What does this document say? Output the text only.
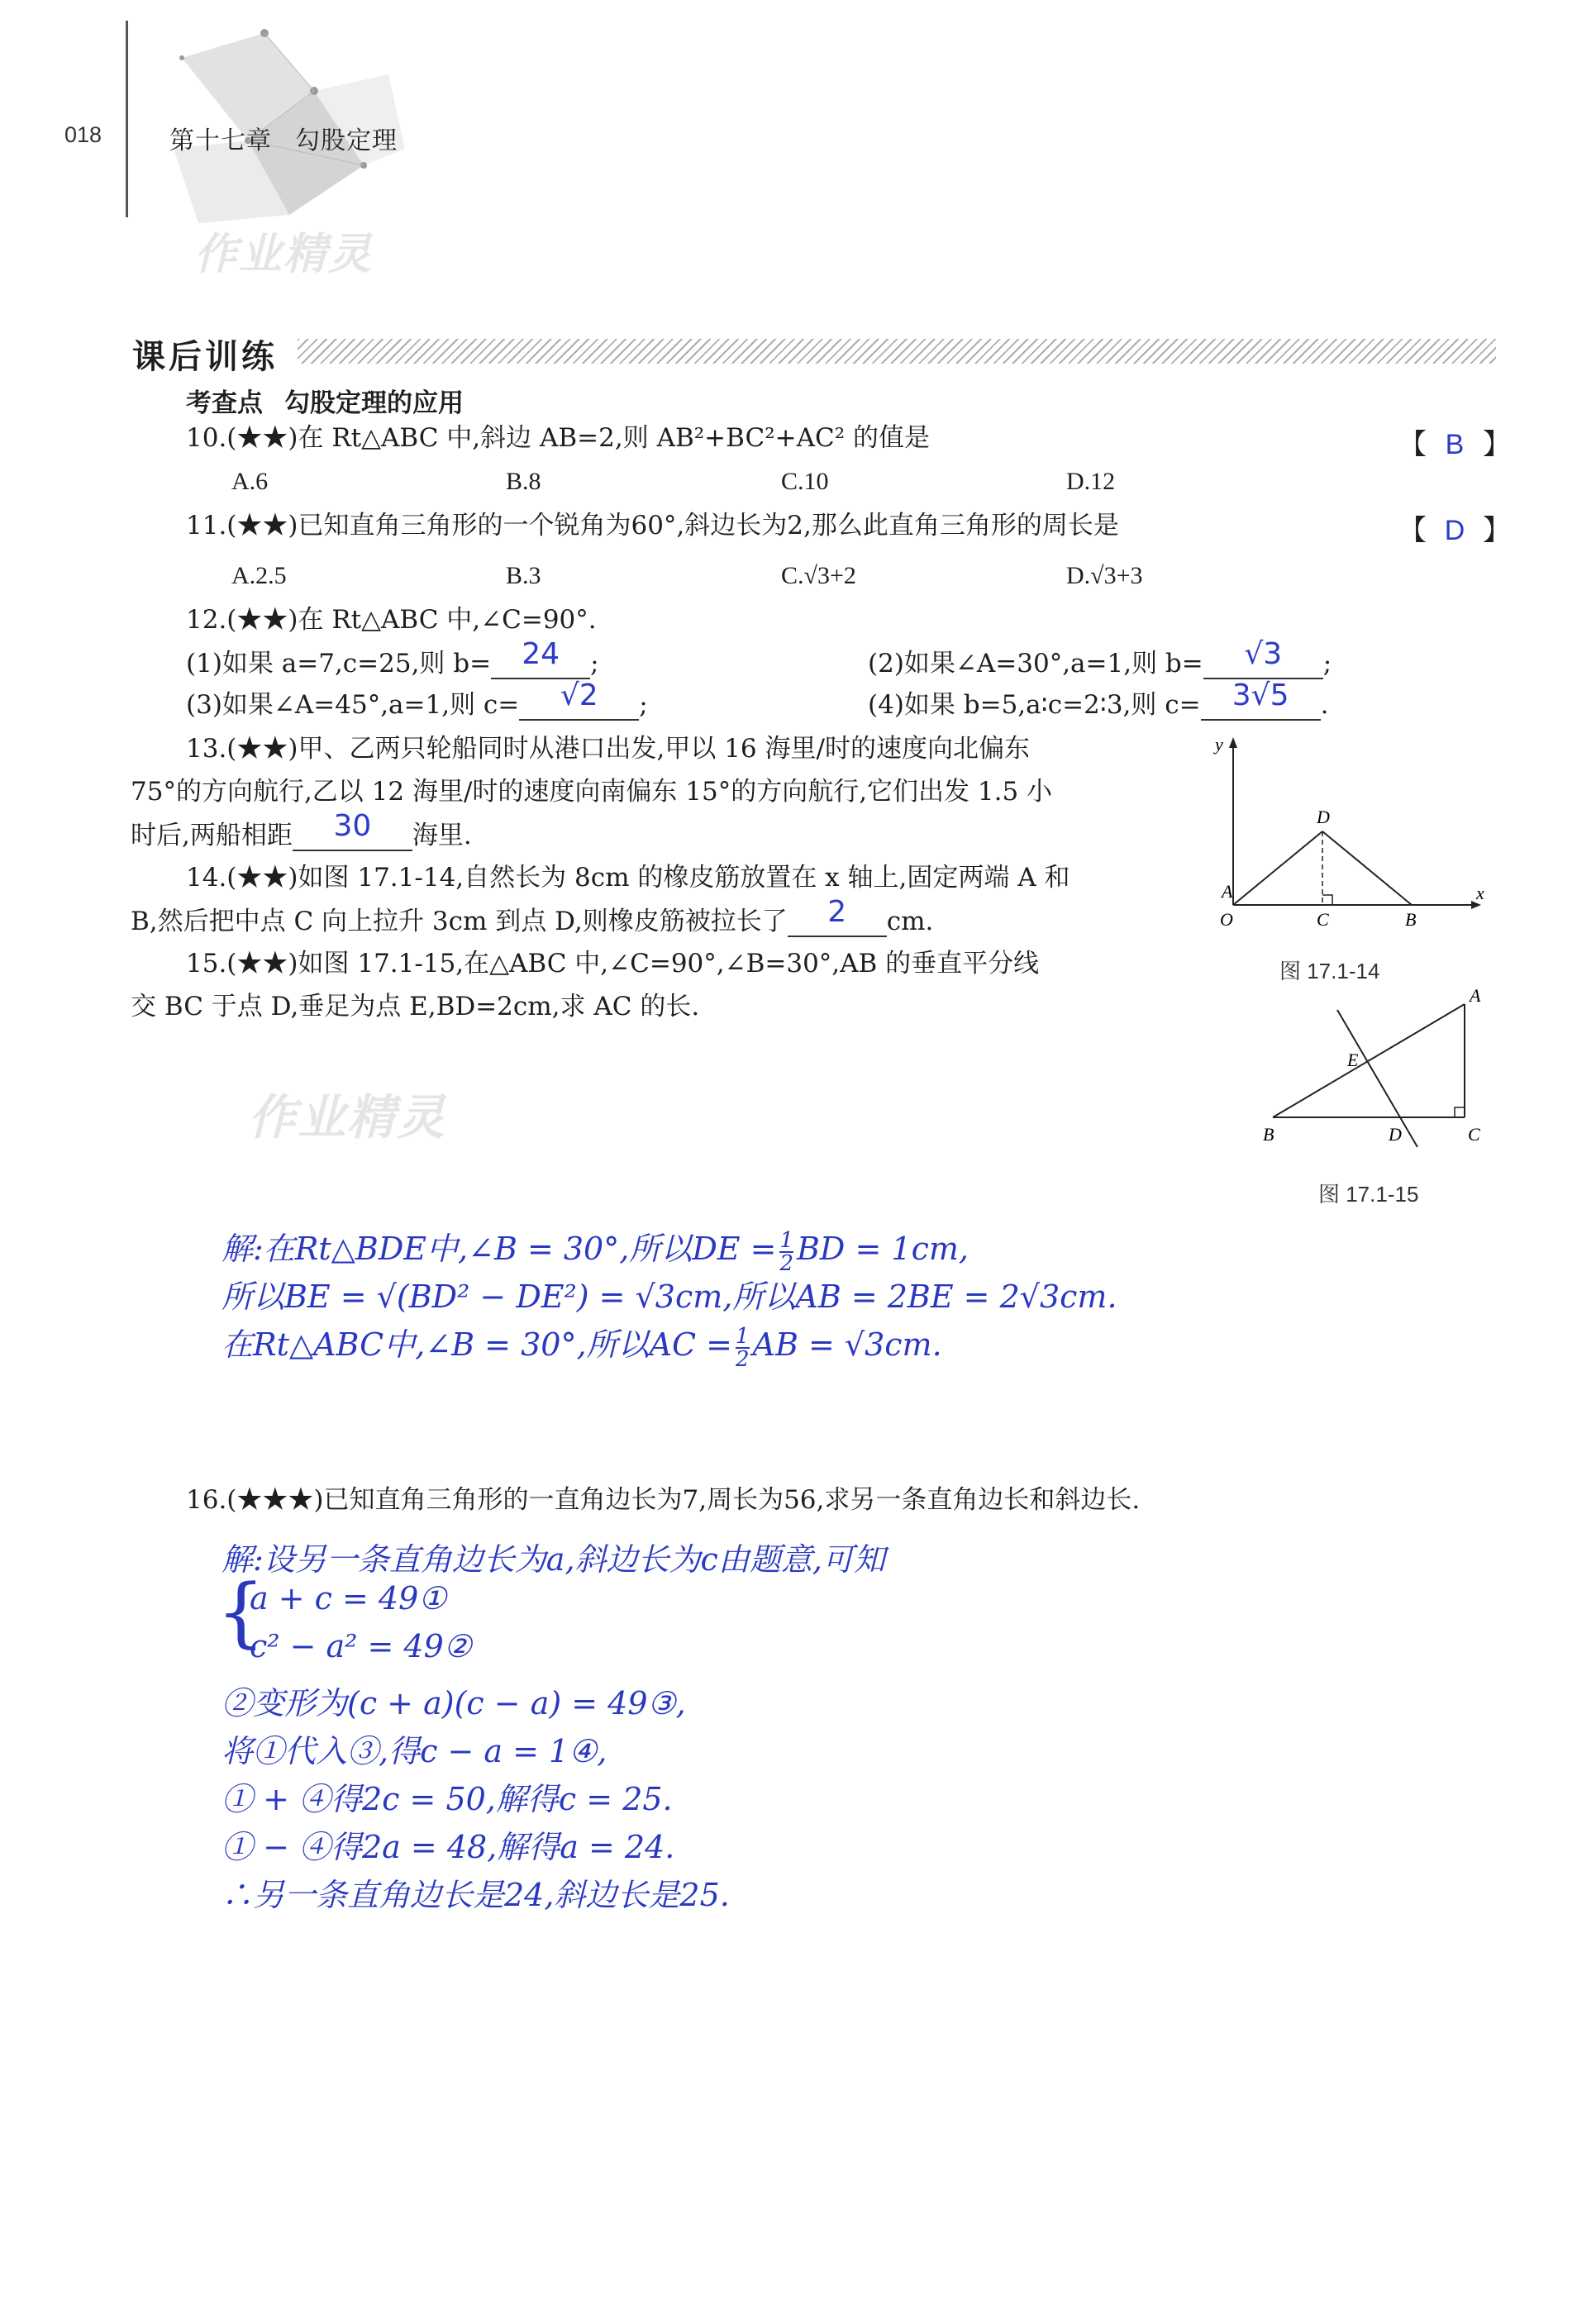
018	第十七章 勾股定理
作业精灵
课后训练
考查点 勾股定理的应用
10.(★★)在 Rt△ABC 中,斜边 AB=2,则 AB²+BC²+AC² 的值是	【 B 】
A.6	B.8	C.10	D.12
11.(★★)已知直角三角形的一个锐角为60°,斜边长为2,那么此直角三角形的周长是	【 D 】
A.2.5	B.3	C.√3+2	D.√3+3
12.(★★)在 Rt△ABC 中,∠C=90°.
(1)如果 a=7,c=25,则 b= 24 ;	(2)如果∠A=30°,a=1,则 b= √3 ;
(3)如果∠A=45°,a=1,则 c= √2 ;	(4)如果 b=5,a∶c=2∶3,则 c= 3√5 .
13.(★★)甲、乙两只轮船同时从港口出发,甲以 16 海里/时的速度向北偏东
75°的方向航行,乙以 12 海里/时的速度向南偏东 15°的方向航行,它们出发 1.5 小
时后,两船相距 30 海里.
14.(★★)如图 17.1-14,自然长为 8cm 的橡皮筋放置在 x 轴上,固定两端 A 和
B,然后把中点 C 向上拉升 3cm 到点 D,则橡皮筋被拉长了 2 cm.
15.(★★)如图 17.1-15,在△ABC 中,∠C=90°,∠B=30°,AB 的垂直平分线
交 BC 于点 D,垂足为点 E,BD=2cm,求 AC 的长.
y
x
O
A
C	B
D
图 17.1-14
A
B	C
D
E
图 17.1-15
作业精灵
解:在Rt△BDE中,∠B = 30°,所以DE = $\frac{1}{2}$ BD = 1cm,
所以BE = √(BD² − DE²) = √3cm,所以AB = 2BE = 2√3cm.
在Rt△ABC中,∠B = 30°,所以AC = $\frac{1}{2}$ AB = √3cm.
16.(★★★)已知直角三角形的一直角边长为7,周长为56,求另一条直角边长和斜边长.
解:设另一条直角边长为a,斜边长为c由题意,可知
{
a + c = 49①
c² − a² = 49②
②变形为(c + a)(c − a) = 49③,
将①代入③,得c − a = 1④,
① + ④得2c = 50,解得c = 25.
① − ④得2a = 48,解得a = 24.
∴另一条直角边长是24,斜边长是25.
